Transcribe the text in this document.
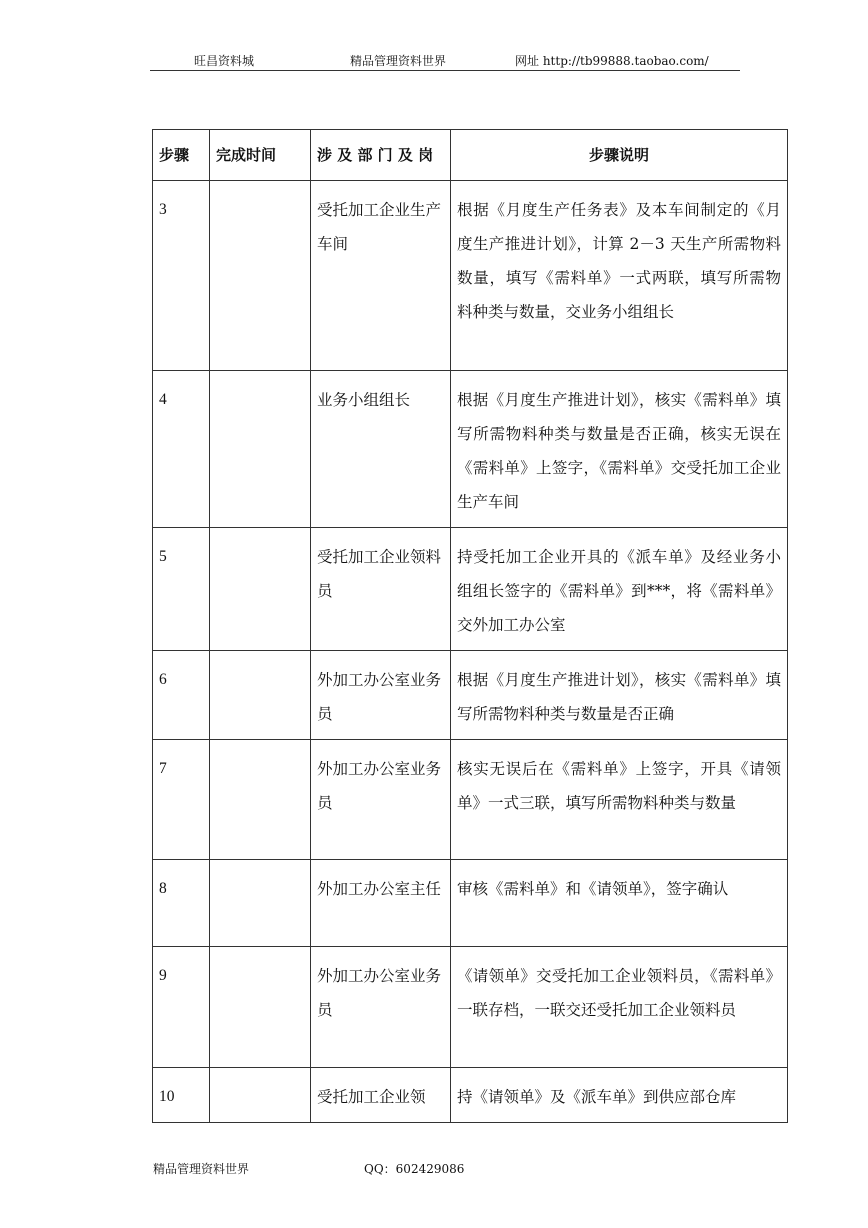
旺昌资料城	精品管理资料世界	网址 http://tb99888.taobao.com/
步骤	完成时间	涉 及 部 门 及 岗	步骤说明
3		受托加工企业生产车间	根据《月度生产任务表》及本车间制定的《月度生产推进计划》，计算 2－3 天生产所需物料数量，填写《需料单》一式两联，填写所需物料种类与数量，交业务小组组长
4		业务小组组长	根据《月度生产推进计划》，核实《需料单》填写所需物料种类与数量是否正确，核实无误在《需料单》上签字，《需料单》交受托加工企业生产车间
5		受托加工企业领料员	持受托加工企业开具的《派车单》及经业务小组组长签字的《需料单》到***，将《需料单》交外加工办公室
6		外加工办公室业务员	根据《月度生产推进计划》，核实《需料单》填写所需物料种类与数量是否正确
7		外加工办公室业务员	核实无误后在《需料单》上签字，开具《请领单》一式三联，填写所需物料种类与数量
8		外加工办公室主任	审核《需料单》和《请领单》，签字确认
9		外加工办公室业务员	《请领单》交受托加工企业领料员，《需料单》一联存档，一联交还受托加工企业领料员
10		受托加工企业领	持《请领单》及《派车单》到供应部仓库
精品管理资料世界	QQ：602429086
